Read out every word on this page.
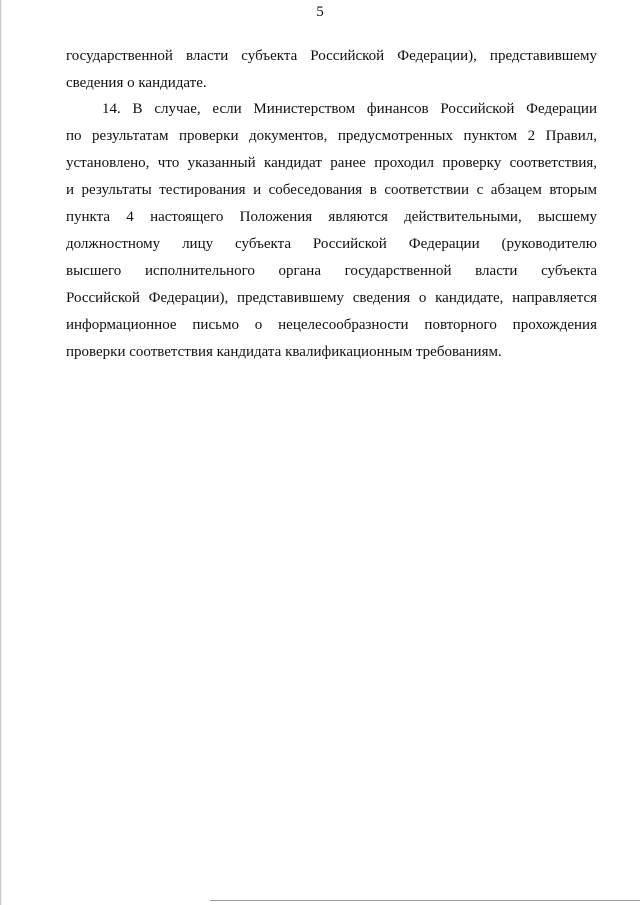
5
государственной власти субъекта Российской Федерации), представившему
сведения о кандидате.
14. В случае, если Министерством финансов Российской Федерации
по результатам проверки документов, предусмотренных пунктом 2 Правил,
установлено, что указанный кандидат ранее проходил проверку соответствия,
и результаты тестирования и собеседования в соответствии с абзацем вторым
пункта 4 настоящего Положения являются действительными, высшему
должностному лицу субъекта Российской Федерации (руководителю
высшего исполнительного органа государственной власти субъекта
Российской Федерации), представившему сведения о кандидате, направляется
информационное письмо о нецелесообразности повторного прохождения
проверки соответствия кандидата квалификационным требованиям.
